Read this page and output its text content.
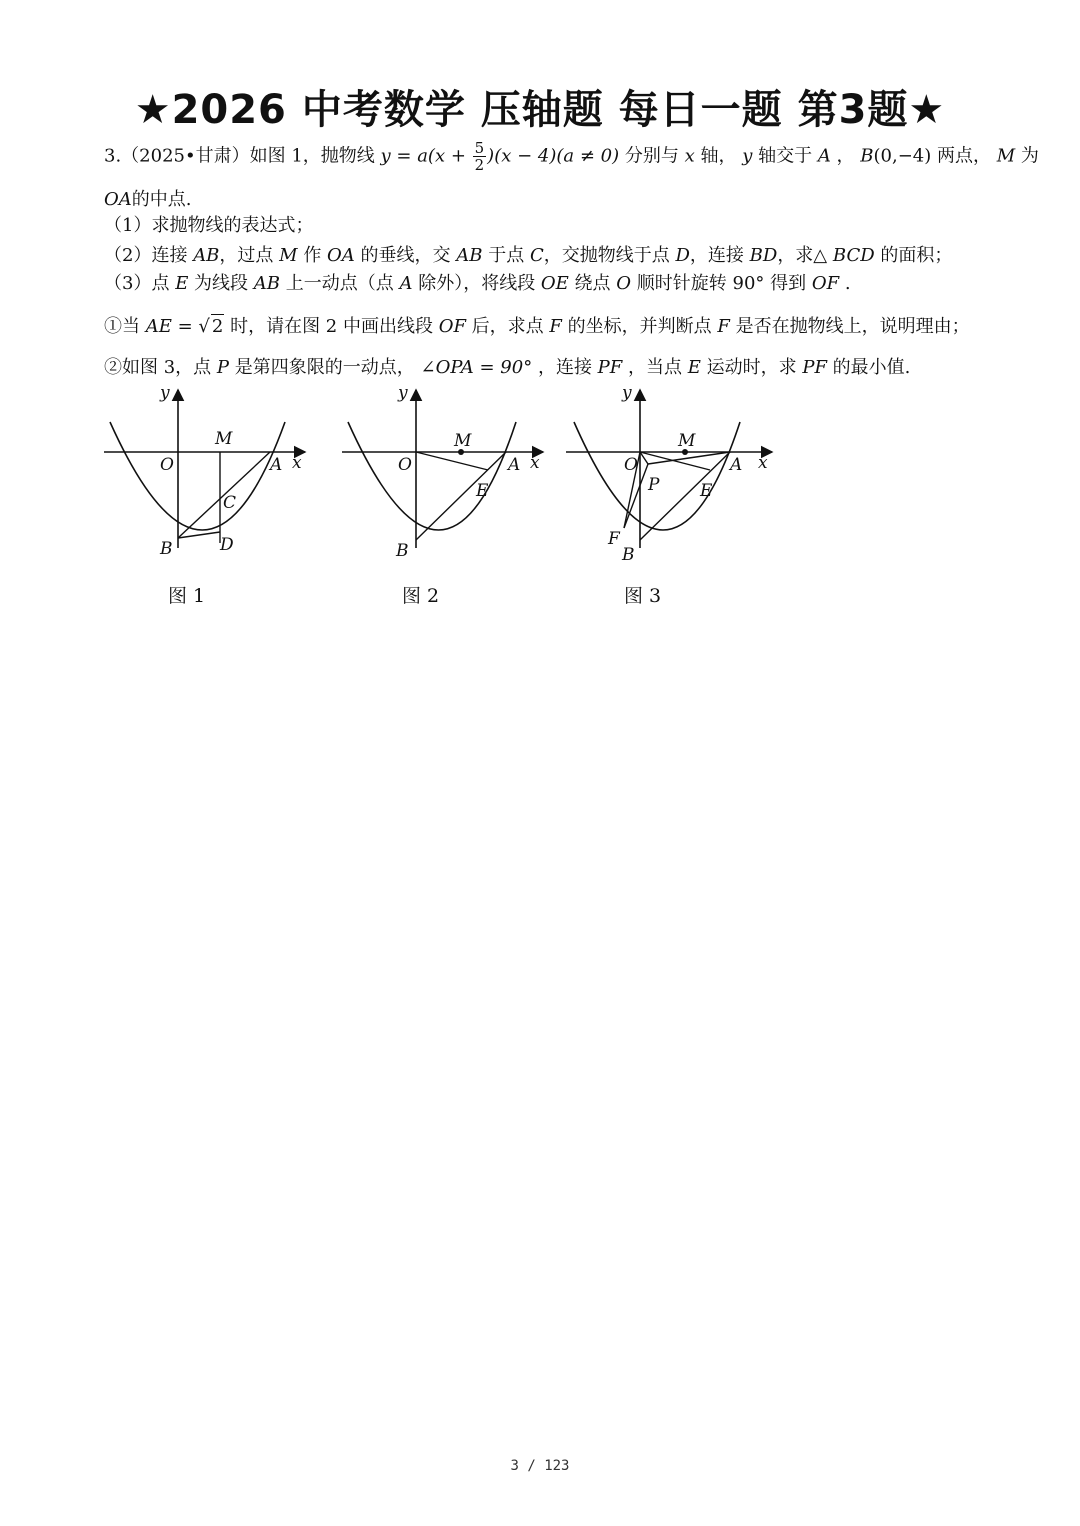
★2026 中考数学 压轴题 每日一题 第3题★
3.（2025•甘肃）如图 1，抛物线 $y = a(x + \frac{5}{2} )(x - 4)(a \ne 0)$ 分别与 x 轴， y 轴交于 A ， B(0,−4) 两点， M 为
OA的中点.
（1）求抛物线的表达式；
（2）连接 AB，过点 M 作 OA 的垂线，交 AB 于点 C，交抛物线于点 D，连接 BD，求△ BCD 的面积；
（3）点 E 为线段 AB 上一动点（点 A 除外），将线段 OE 绕点 O 顺时针旋转 90° 得到 OF .
①当 AE = √ 2 时，请在图 2 中画出线段 OF 后，求点 F 的坐标，并判断点 F 是否在抛物线上，说明理由；
②如图 3，点 P 是第四象限的一动点， ∠OPA = 90° ，连接 PF ，当点 E 运动时，求 PF 的最小值.
y
x
O
M
A
C
B	D
图 1
y
x
O
M
A
E
B
图 2
y
x
O
M
A
P E
F
B
图 3
3 / 123
